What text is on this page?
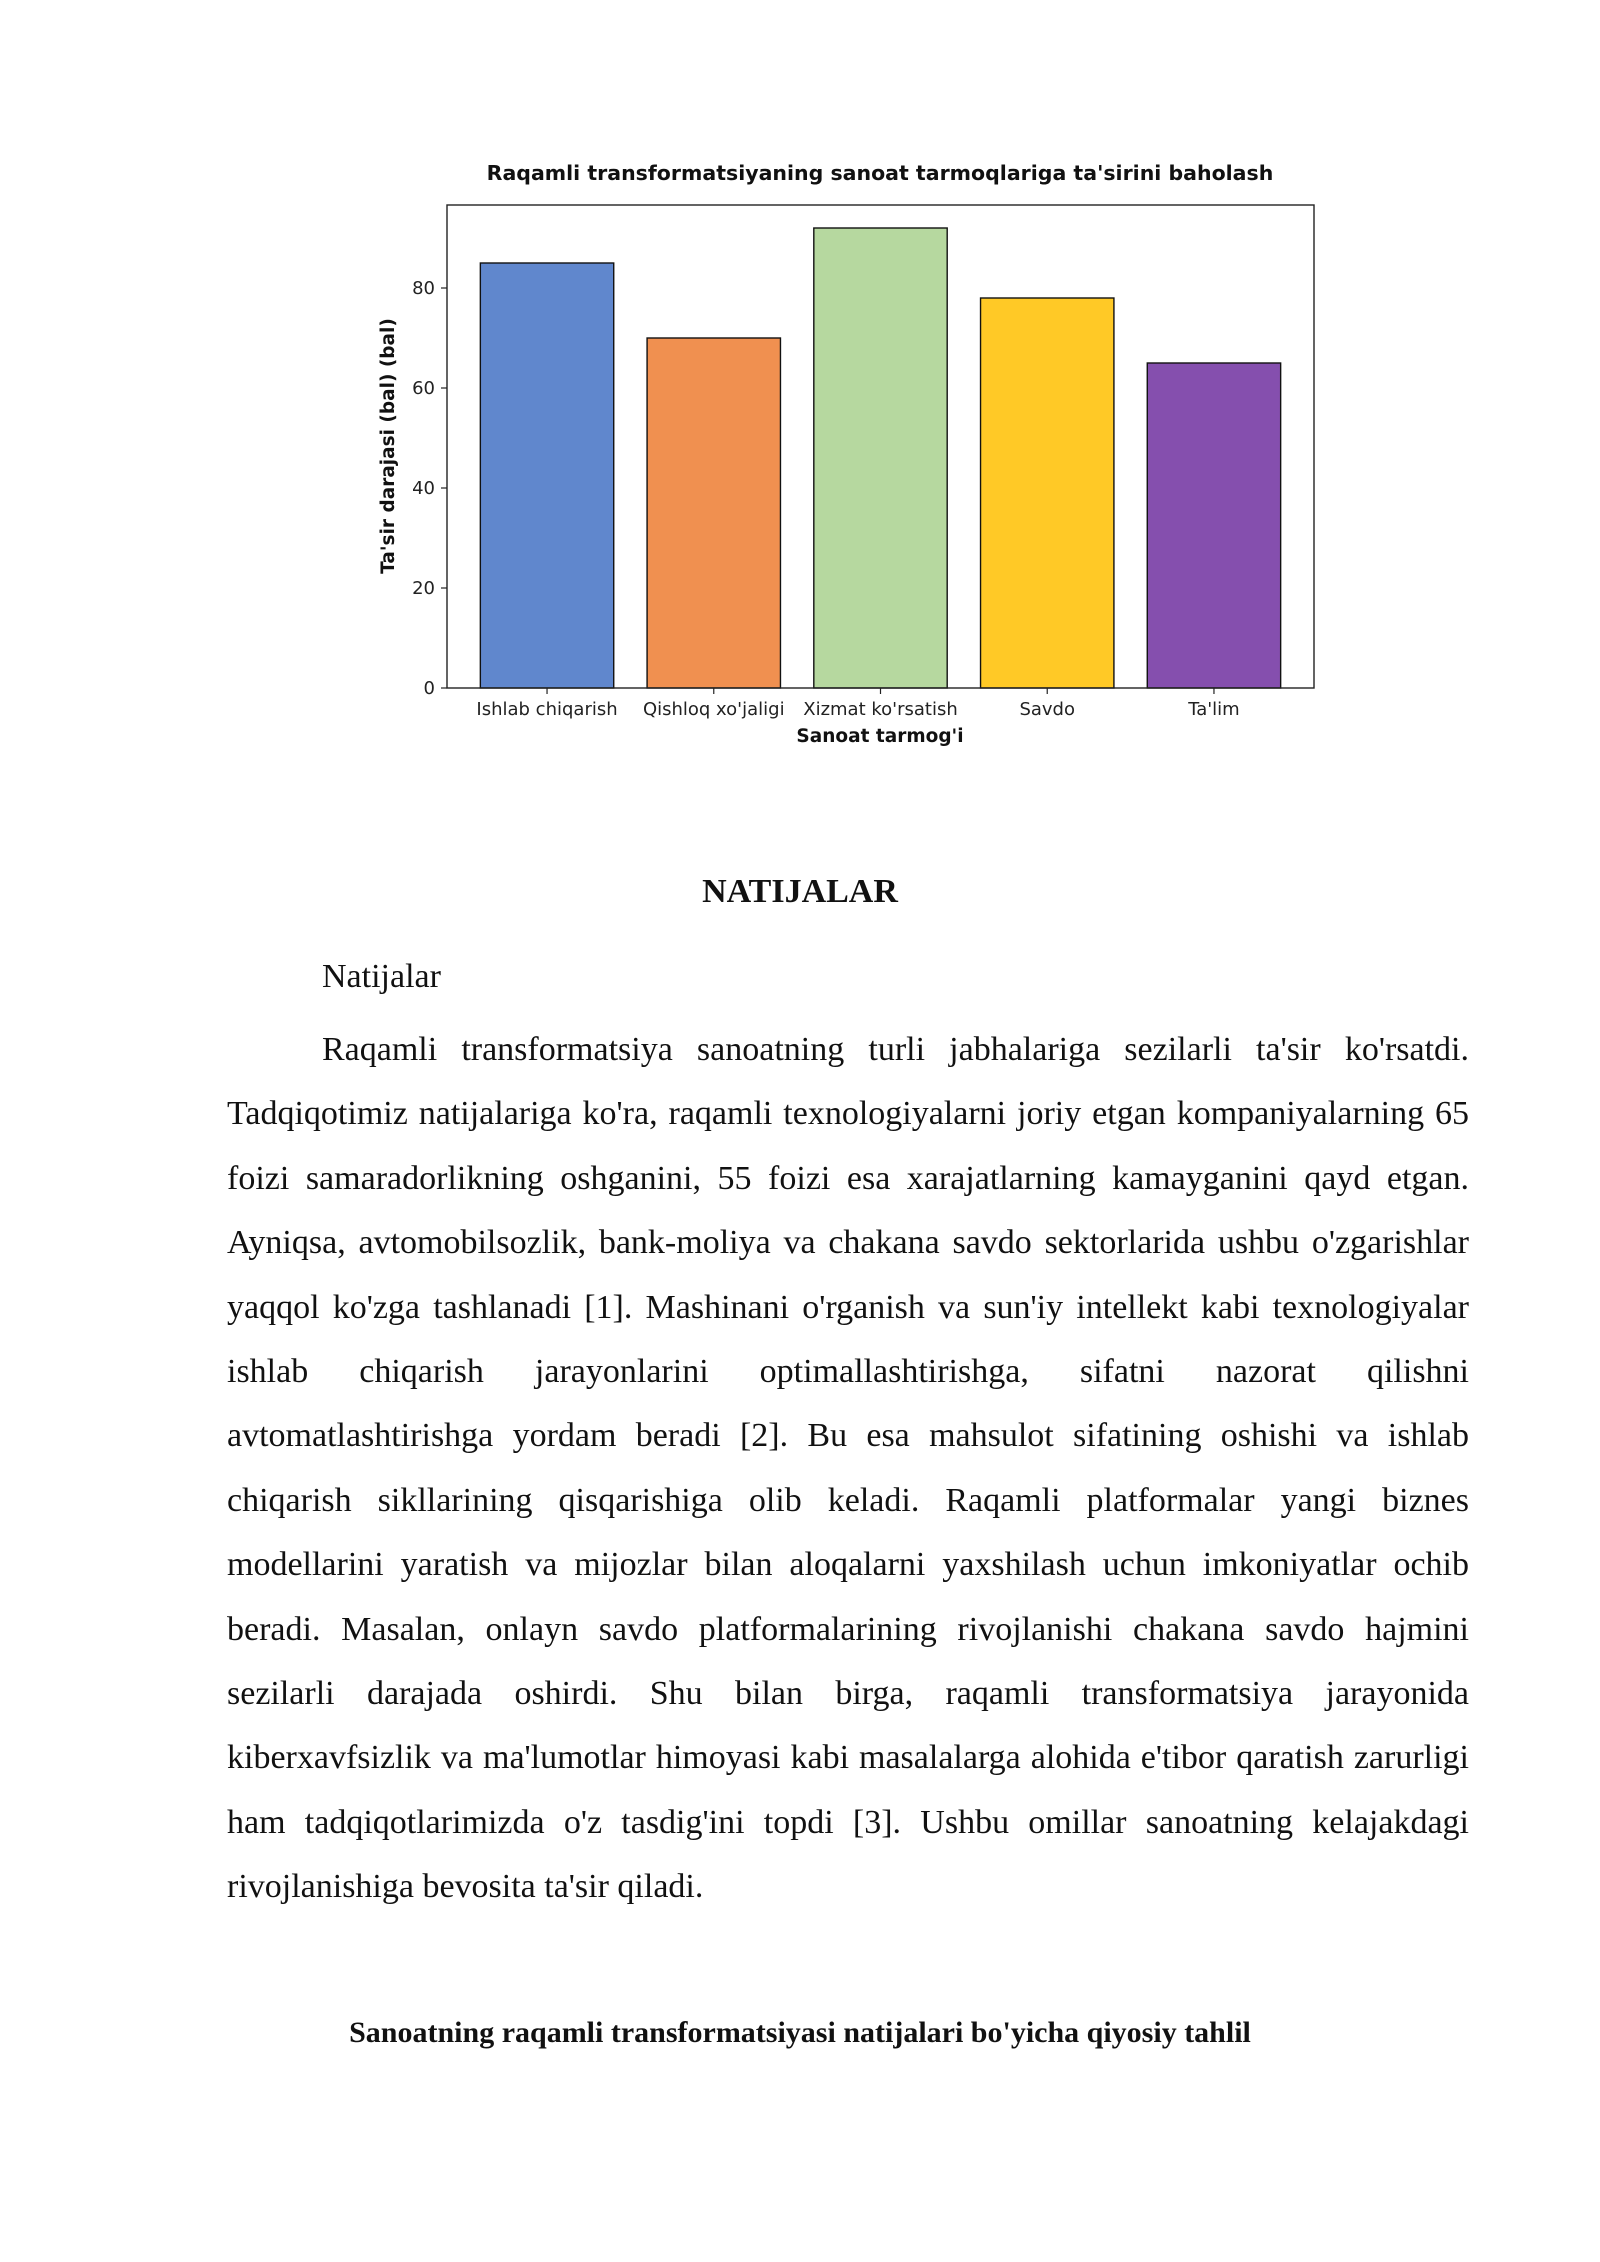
Raqamli transformatsiyaning sanoat tarmoqlariga ta'sirini baholash
0
20
40
60
80
Ishlab chiqarish Qishloq xo'jaligi Xizmat ko'rsatish	Savdo	Ta'lim
Sanoat tarmog'i
Ta'sir darajasi (bal) (bal)
NATIJALAR

Natijalar

Raqamli transformatsiya sanoatning turli jabhalariga sezilarli ta'sir ko'rsatdi. Tadqiqotimiz natijalariga ko'ra, raqamli texnologiyalarni joriy etgan kompaniyalarning 65 foizi samaradorlikning oshganini, 55 foizi esa xarajatlarning kamayganini qayd etgan. Ayniqsa, avtomobilsozlik, bank-moliya va chakana savdo sektorlarida ushbu o'zgarishlar yaqqol ko'zga tashlanadi [1]. Mashinani o'rganish va sun'iy intellekt kabi texnologiyalar ishlab chiqarish jarayonlarini optimallashtirishga, sifatni nazorat qilishni avtomatlashtirishga yordam beradi [2]. Bu esa mahsulot sifatining oshishi va ishlab chiqarish sikllarining qisqarishiga olib keladi. Raqamli platformalar yangi biznes modellarini yaratish va mijozlar bilan aloqalarni yaxshilash uchun imkoniyatlar ochib beradi. Masalan, onlayn savdo platformalarining rivojlanishi chakana savdo hajmini sezilarli darajada oshirdi. Shu bilan birga, raqamli transformatsiya jarayonida kiberxavfsizlik va ma'lumotlar himoyasi kabi masalalarga alohida e'tibor qaratish zarurligi ham tadqiqotlarimizda o'z tasdig'ini topdi [3]. Ushbu omillar sanoatning kelajakdagi rivojlanishiga bevosita ta'sir qiladi.

Sanoatning raqamli transformatsiyasi natijalari bo'yicha qiyosiy tahlil
